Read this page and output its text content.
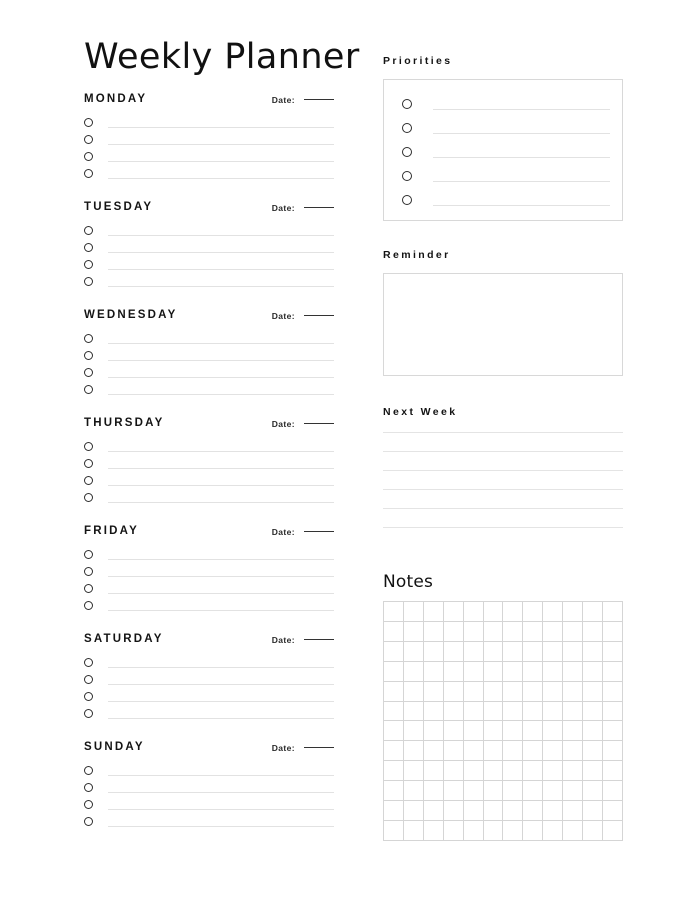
Weekly Planner
MONDAY	Date:
TUESDAY	Date:
WEDNESDAY	Date:
THURSDAY	Date:
FRIDAY	Date:
SATURDAY	Date:
SUNDAY	Date:
Priorities
Reminder
Next Week
Notes
